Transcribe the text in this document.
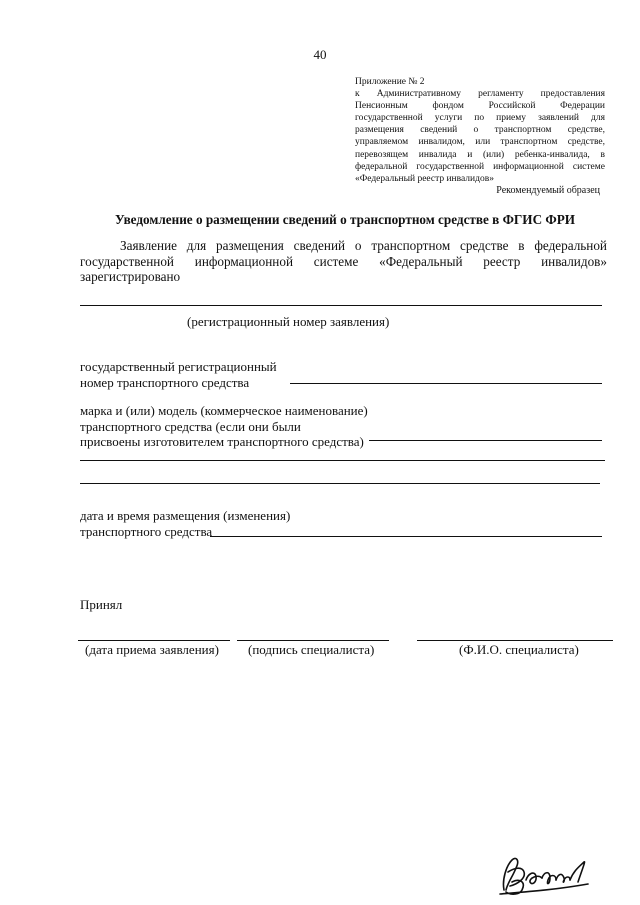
40
Приложение № 2
к Административному регламенту предоставления
Пенсионным фондом Российской Федерации
государственной услуги по приему заявлений для
размещения сведений о транспортном средстве,
управляемом инвалидом, или транспортном средстве,
перевозящем инвалида и (или) ребенка-инвалида, в
федеральной государственной информационной системе
«Федеральный реестр инвалидов»
Рекомендуемый образец
Уведомление о размещении сведений о транспортном средстве в ФГИС ФРИ
Заявление для размещения сведений о транспортном средстве в федеральной
государственной информационной системе «Федеральный реестр инвалидов»
зарегистрировано
(регистрационный номер заявления)
государственный регистрационный
номер транспортного средства
марка и (или) модель (коммерческое наименование)
транспортного средства (если они были
присвоены изготовителем транспортного средства)
дата и время размещения (изменения)
транспортного средства
Принял
(дата приема заявления) (подпись специалиста)	(Ф.И.О. специалиста)
